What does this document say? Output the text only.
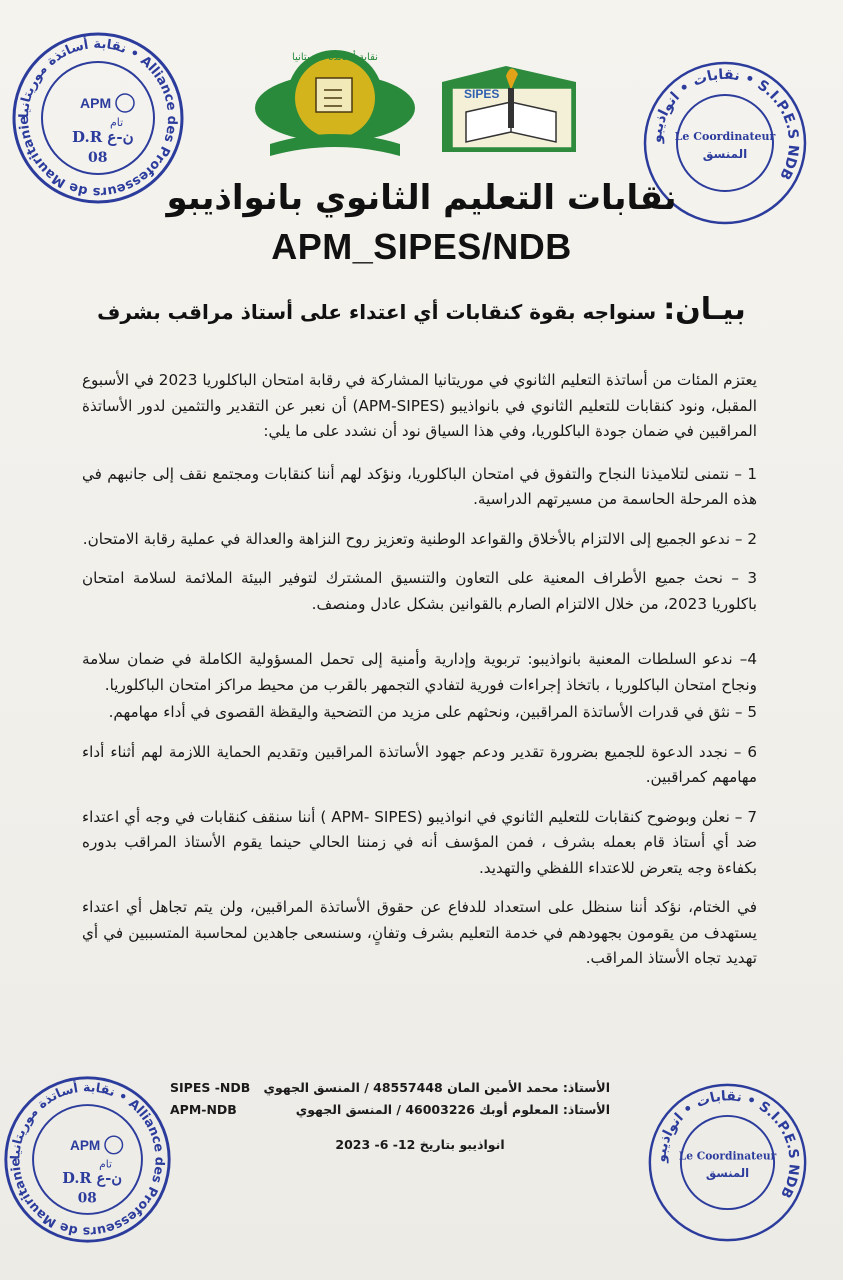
نقابة أساتذة موريتانيا • Alliance des Professeurs de Mauritanie
APM
D.R ن-ع
08
تام
نقابة أساتذة موريتانيا
SIPES
نقابات • انواذيبو • S.I.P.E.S NDB
Le Coordinateur
المنسق
نقابات التعليم الثانوي بانواذيبو
APM_SIPES/NDB
بيـان: سنواجه بقوة كنقابات أي اعتداء على أستاذ مراقب بشرف

يعتزم المئات من أساتذة التعليم الثانوي في موريتانيا المشاركة في رقابة امتحان الباكلوريا 2023 في الأسبوع المقبل، ونود كنقابات للتعليم الثانوي في بانواذيبو (APM-SIPES) أن نعبر عن التقدير والتثمين لدور الأساتذة المراقبين في ضمان جودة الباكلوريا، وفي هذا السياق نود أن نشدد على ما يلي:

1 – نتمنى لتلاميذنا النجاح والتفوق في امتحان الباكلوريا، ونؤكد لهم أننا كنقابات ومجتمع نقف إلى جانبهم في هذه المرحلة الحاسمة من مسيرتهم الدراسية.

2 – ندعو الجميع إلى الالتزام بالأخلاق والقواعد الوطنية وتعزيز روح النزاهة والعدالة في عملية رقابة الامتحان.

3 – نحث جميع الأطراف المعنية على التعاون والتنسيق المشترك لتوفير البيئة الملائمة لسلامة امتحان باكلوريا 2023، من خلال الالتزام الصارم بالقوانين بشكل عادل ومنصف.

4– ندعو السلطات المعنية بانواذيبو: تربوية وإدارية وأمنية إلى تحمل المسؤولية الكاملة في ضمان سلامة ونجاح امتحان الباكلوريا ، باتخاذ إجراءات فورية لتفادي التجمهر بالقرب من محيط مراكز امتحان الباكلوريا.

5 – نثق في قدرات الأساتذة المراقبين، ونحثهم على مزيد من التضحية واليقظة القصوى في أداء مهامهم.

6 – نجدد الدعوة للجميع بضرورة تقدير ودعم جهود الأساتذة المراقبين وتقديم الحماية اللازمة لهم أثناء أداء مهامهم كمراقبين.

7 – نعلن وبوضوح كنقابات للتعليم الثانوي في انواذيبو (APM- SIPES ) أننا سنقف كنقابات في وجه أي اعتداء ضد أي أستاذ قام بعمله بشرف ، فمن المؤسف أنه في زمننا الحالي حينما يقوم الأستاذ المراقب بدوره بكفاءة وجه يتعرض للاعتداء اللفظي والتهديد.

في الختام، نؤكد أننا سنظل على استعداد للدفاع عن حقوق الأساتذة المراقبين، ولن يتم تجاهل أي اعتداء يستهدف من يقومون بجهودهم في خدمة التعليم بشرف وتفانٍ، وسنسعى جاهدين لمحاسبة المتسببين في أي تهديد تجاه الأستاذ المراقب.

SIPES -NDB الأستاذ: محمد الأمين المان 48557448 / المنسق الجهوي
APM-NDB	الأستاذ: المعلوم أوبك 46003226 / المنسق الجهوي
انواذيبو بتاريخ 12- 6- 2023
نقابة أساتذة موريتانيا • Alliance des Professeurs de Mauritanie
APM
D.R ن-ع
08
تام	نقابات • انواذيبو • S.I.P.E.S NDB
Le Coordinateur
المنسق
